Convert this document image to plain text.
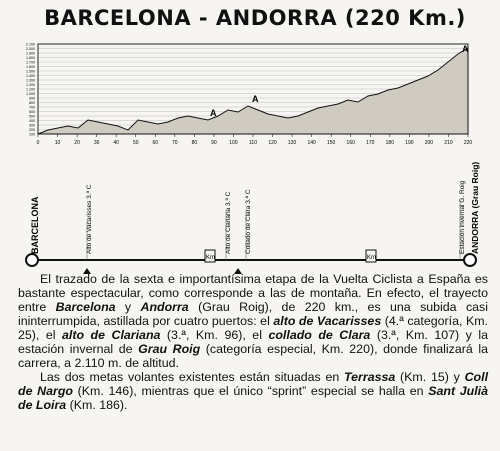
BARCELONA - ANDORRA (220 Km.)
2.100
2.000
1.900
1.800
1.700
1.600
1.500
1.400
1.300
1.200
1.100
1.000
900
800
700
600
500
400
300
200
100
0	10	20	30	40	50	60	70	80	90	100 110 120 130 140 150 160 170 180 190 200 210 220
A
A
A
BARCELONA	ANDORRA (Grau Roig)
Alto de Vacarisses 3.ª C	Alto de Clariana 3.ª C Collado de Clara 3.ª C	Estación invernal G. Roig
Km	Km

El trazado de la sexta e importantísima etapa de la Vuelta Ciclista a España es bastante espectacular, como corresponde a las de montaña. En efecto, el trayecto entre Barcelona y Andorra (Grau Roig), de 220 km., es una subida casi ininterrumpida, astillada por cuatro puertos: el alto de Vacarisses (4.ª categoría, Km. 25), el alto de Clariana (3.ª, Km. 96), el collado de Clara (3.ª, Km. 107) y la estación invernal de Grau Roig (categoría especial, Km. 220), donde finalizará la carrera, a 2.110 m. de altitud.

Las dos metas volantes existentes están situadas en Terrassa (Km. 15) y Coll de Nargo (Km. 146), mientras que el único “sprint” especial se halla en Sant Julià de Loira (Km. 186).
